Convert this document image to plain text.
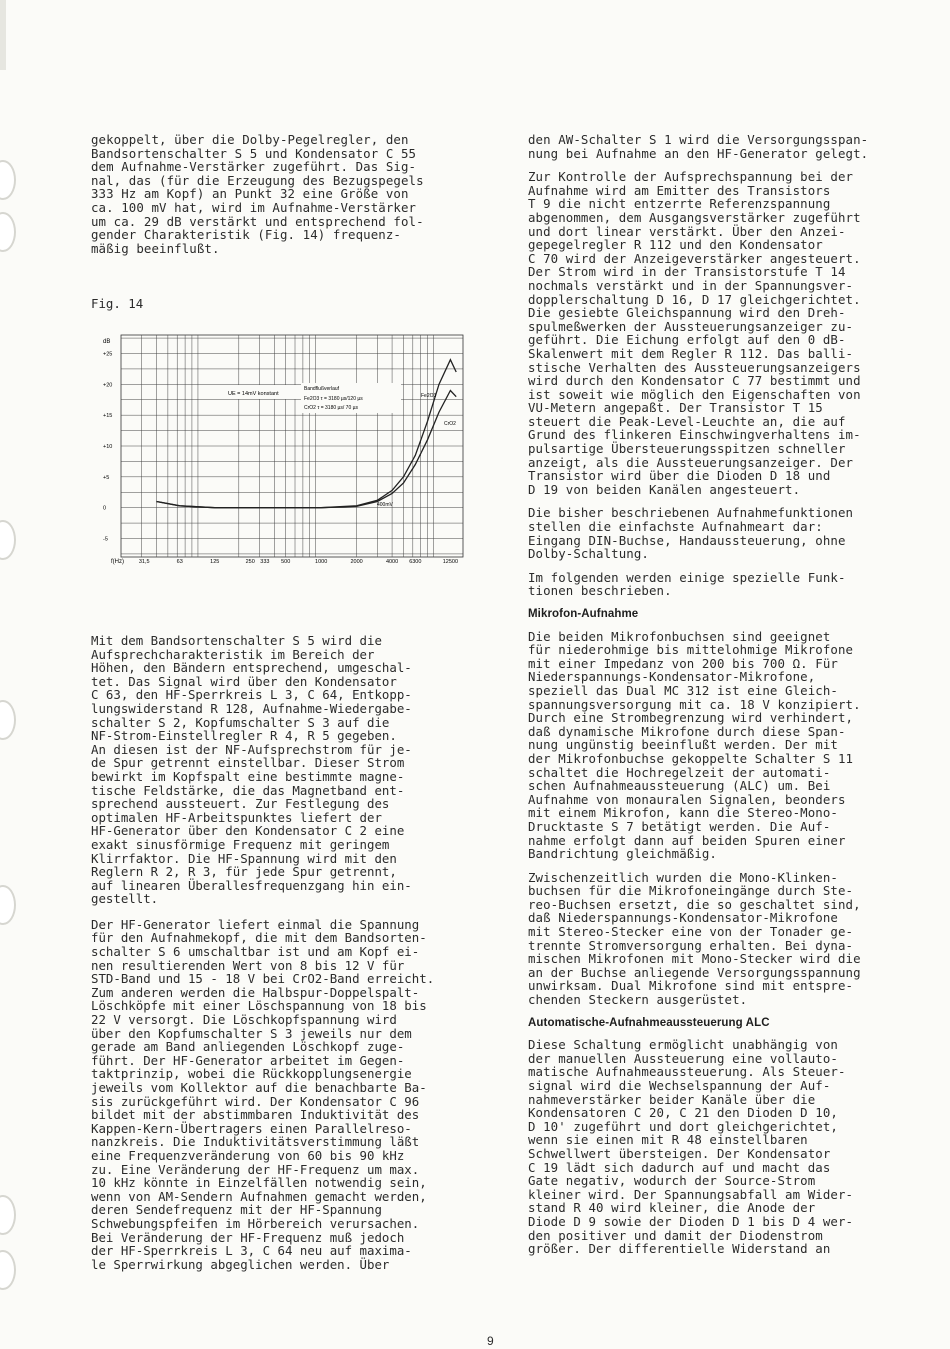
gekoppelt, über die Dolby-Pegelregler, den
Bandsortenschalter S 5 und Kondensator C 55
dem Aufnahme-Verstärker zugeführt. Das Sig-
nal, das (für die Erzeugung des Bezugspegels
333 Hz am Kopf) an Punkt 32 eine Größe von
ca. 100 mV hat, wird im Aufnahme-Verstärker
um ca. 29 dB verstärkt und entsprechend fol-
gender Charakteristik (Fig. 14) frequenz-
mäßig beeinflußt.

Fig. 14
+25
+20
+15
+10
+5
0
-5
31,5	63	125	250 333 500	1000	2000	4000 6300	12500
dB
f(Hz)
UE = 14mV konstant
Bandflußverlauf
Fe2O3 τ = 3180 µs/120 µs
CrO2 τ = 3180 µs/ 70 µs
Fe2O3
CrO2
400mV

Mit dem Bandsortenschalter S 5 wird die
Aufsprechcharakteristik im Bereich der
Höhen, den Bändern entsprechend, umgeschal-
tet. Das Signal wird über den Kondensator
C 63, den HF-Sperrkreis L 3, C 64, Entkopp-
lungswiderstand R 128, Aufnahme-Wiedergabe-
schalter S 2, Kopfumschalter S 3 auf die
NF-Strom-Einstellregler R 4, R 5 gegeben.
An diesen ist der NF-Aufsprechstrom für je-
de Spur getrennt einstellbar. Dieser Strom
bewirkt im Kopfspalt eine bestimmte magne-
tische Feldstärke, die das Magnetband ent-
sprechend aussteuert. Zur Festlegung des
optimalen HF-Arbeitspunktes liefert der
HF-Generator über den Kondensator C 2 eine
exakt sinusförmige Frequenz mit geringem
Klirrfaktor. Die HF-Spannung wird mit den
Reglern R 2, R 3, für jede Spur getrennt,
auf linearen Überallesfrequenzgang hin ein-
gestellt.

Der HF-Generator liefert einmal die Spannung
für den Aufnahmekopf, die mit dem Bandsorten-
schalter S 6 umschaltbar ist und am Kopf ei-
nen resultierenden Wert von 8 bis 12 V für
STD-Band und 15 - 18 V bei CrO2-Band erreicht.
Zum anderen werden die Halbspur-Doppelspalt-
Löschköpfe mit einer Löschspannung von 18 bis
22 V versorgt. Die Löschkopfspannung wird
über den Kopfumschalter S 3 jeweils nur dem
gerade am Band anliegenden Löschkopf zuge-
führt. Der HF-Generator arbeitet im Gegen-
taktprinzip, wobei die Rückkopplungsenergie
jeweils vom Kollektor auf die benachbarte Ba-
sis zurückgeführt wird. Der Kondensator C 96
bildet mit der abstimmbaren Induktivität des
Kappen-Kern-Übertragers einen Parallelreso-
nanzkreis. Die Induktivitätsverstimmung läßt
eine Frequenzveränderung von 60 bis 90 kHz
zu. Eine Veränderung der HF-Frequenz um max.
10 kHz könnte in Einzelfällen notwendig sein,
wenn von AM-Sendern Aufnahmen gemacht werden,
deren Sendefrequenz mit der HF-Spannung
Schwebungspfeifen im Hörbereich verursachen.
Bei Veränderung der HF-Frequenz muß jedoch
der HF-Sperrkreis L 3, C 64 neu auf maxima-
le Sperrwirkung abgeglichen werden. Über

den AW-Schalter S 1 wird die Versorgungsspan-
nung bei Aufnahme an den HF-Generator gelegt.

Zur Kontrolle der Aufsprechspannung bei der
Aufnahme wird am Emitter des Transistors
T 9 die nicht entzerrte Referenzspannung
abgenommen, dem Ausgangsverstärker zugeführt
und dort linear verstärkt. Über den Anzei-
gepegelregler R 112 und den Kondensator
C 70 wird der Anzeigeverstärker angesteuert.
Der Strom wird in der Transistorstufe T 14
nochmals verstärkt und in der Spannungsver-
dopplerschaltung D 16, D 17 gleichgerichtet.
Die gesiebte Gleichspannung wird den Dreh-
spulmeßwerken der Aussteuerungsanzeiger zu-
geführt. Die Eichung erfolgt auf den 0 dB-
Skalenwert mit dem Regler R 112. Das balli-
stische Verhalten des Aussteuerungsanzeigers
wird durch den Kondensator C 77 bestimmt und
ist soweit wie möglich den Eigenschaften von
VU-Metern angepaßt. Der Transistor T 15
steuert die Peak-Level-Leuchte an, die auf
Grund des flinkeren Einschwingverhaltens im-
pulsartige Übersteuerungsspitzen schneller
anzeigt, als die Aussteuerungsanzeiger. Der
Transistor wird über die Dioden D 18 und
D 19 von beiden Kanälen angesteuert.

Die bisher beschriebenen Aufnahmefunktionen
stellen die einfachste Aufnahmeart dar:
Eingang DIN-Buchse, Handaussteuerung, ohne
Dolby-Schaltung.

Im folgenden werden einige spezielle Funk-
tionen beschrieben.

Mikrofon-Aufnahme

Die beiden Mikrofonbuchsen sind geeignet
für niederohmige bis mittelohmige Mikrofone
mit einer Impedanz von 200 bis 700 Ω. Für
Niederspannungs-Kondensator-Mikrofone,
speziell das Dual MC 312 ist eine Gleich-
spannungsversorgung mit ca. 18 V konzipiert.
Durch eine Strombegrenzung wird verhindert,
daß dynamische Mikrofone durch diese Span-
nung ungünstig beeinflußt werden. Der mit
der Mikrofonbuchse gekoppelte Schalter S 11
schaltet die Hochregelzeit der automati-
schen Aufnahmeaussteuerung (ALC) um. Bei
Aufnahme von monauralen Signalen, beonders
mit einem Mikrofon, kann die Stereo-Mono-
Drucktaste S 7 betätigt werden. Die Auf-
nahme erfolgt dann auf beiden Spuren einer
Bandrichtung gleichmäßig.

Zwischenzeitlich wurden die Mono-Klinken-
buchsen für die Mikrofoneingänge durch Ste-
reo-Buchsen ersetzt, die so geschaltet sind,
daß Niederspannungs-Kondensator-Mikrofone
mit Stereo-Stecker eine von der Tonader ge-
trennte Stromversorgung erhalten. Bei dyna-
mischen Mikrofonen mit Mono-Stecker wird die
an der Buchse anliegende Versorgungsspannung
unwirksam. Dual Mikrofone sind mit entspre-
chenden Steckern ausgerüstet.

Automatische-Aufnahmeaussteuerung ALC

Diese Schaltung ermöglicht unabhängig von
der manuellen Aussteuerung eine vollauto-
matische Aufnahmeaussteuerung. Als Steuer-
signal wird die Wechselspannung der Auf-
nahmeverstärker beider Kanäle über die
Kondensatoren C 20, C 21 den Dioden D 10,
D 10' zugeführt und dort gleichgerichtet,
wenn sie einen mit R 48 einstellbaren
Schwellwert übersteigen. Der Kondensator
C 19 lädt sich dadurch auf und macht das
Gate negativ, wodurch der Source-Strom
kleiner wird. Der Spannungsabfall am Wider-
stand R 40 wird kleiner, die Anode der
Diode D 9 sowie der Dioden D 1 bis D 4 wer-
den positiver und damit der Diodenstrom
größer. Der differentielle Widerstand an

9
